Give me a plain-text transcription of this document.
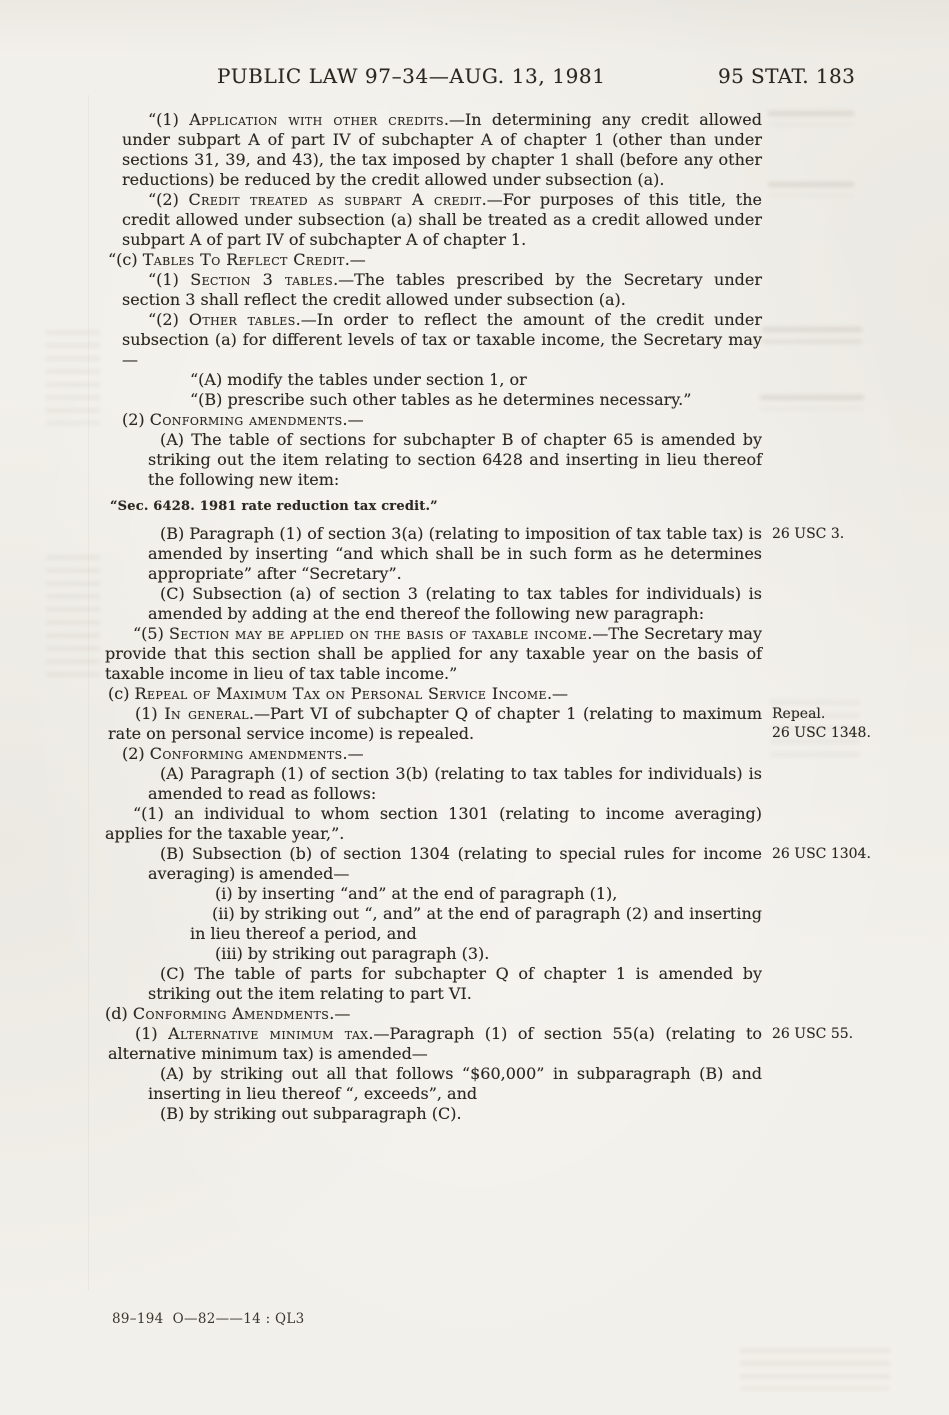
PUBLIC LAW 97–34—AUG. 13, 1981	95 STAT. 183
“(1) Application with other credits.—In determining any credit allowed under subpart A of part IV of subchapter A of chapter 1 (other than under sections 31, 39, and 43), the tax imposed by chapter 1 shall (before any other reductions) be reduced by the credit allowed under subsection (a).
“(2) Credit treated as subpart A credit.—For purposes of this title, the credit allowed under subsection (a) shall be treated as a credit allowed under subpart A of part IV of subchapter A of chapter 1.
“(c) Tables To Reflect Credit.—
“(1) Section 3 tables.—The tables prescribed by the Secretary under section 3 shall reflect the credit allowed under subsection (a).
“(2) Other tables.—In order to reflect the amount of the credit under subsection (a) for different levels of tax or taxable income, the Secretary may—
“(A) modify the tables under section 1, or
“(B) prescribe such other tables as he determines necessary.”
(2) Conforming amendments.—
(A) The table of sections for subchapter B of chapter 65 is amended by striking out the item relating to section 6428 and inserting in lieu thereof the following new item:
“Sec. 6428. 1981 rate reduction tax credit.”
(B) Paragraph (1) of section 3(a) (relating to imposition of tax table tax) is amended by inserting “and which shall be in such form as he determines appropriate” after “Secretary”.
26 USC 3.
(C) Subsection (a) of section 3 (relating to tax tables for individuals) is amended by adding at the end thereof the following new paragraph:
“(5) Section may be applied on the basis of taxable income.—The Secretary may provide that this section shall be applied for any taxable year on the basis of taxable income in lieu of tax table income.”
(c) Repeal of Maximum Tax on Personal Service Income.—
(1) In general.—Part VI of subchapter Q of chapter 1 (relating to maximum rate on personal service income) is repealed.
Repeal.
26 USC 1348.
(2) Conforming amendments.—
(A) Paragraph (1) of section 3(b) (relating to tax tables for individuals) is amended to read as follows:
“(1) an individual to whom section 1301 (relating to income averaging) applies for the taxable year,”.
(B) Subsection (b) of section 1304 (relating to special rules for income averaging) is amended—
26 USC 1304.
(i) by inserting “and” at the end of paragraph (1),
(ii) by striking out “, and” at the end of paragraph (2) and inserting in lieu thereof a period, and
(iii) by striking out paragraph (3).
(C) The table of parts for subchapter Q of chapter 1 is amended by striking out the item relating to part VI.
(d) Conforming Amendments.—
(1) Alternative minimum tax.—Paragraph (1) of section 55(a) (relating to alternative minimum tax) is amended—
26 USC 55.
(A) by striking out all that follows “$60,000” in subparagraph (B) and inserting in lieu thereof “, exceeds”, and
(B) by striking out subparagraph (C).
89–194  O—82——14 : QL3
